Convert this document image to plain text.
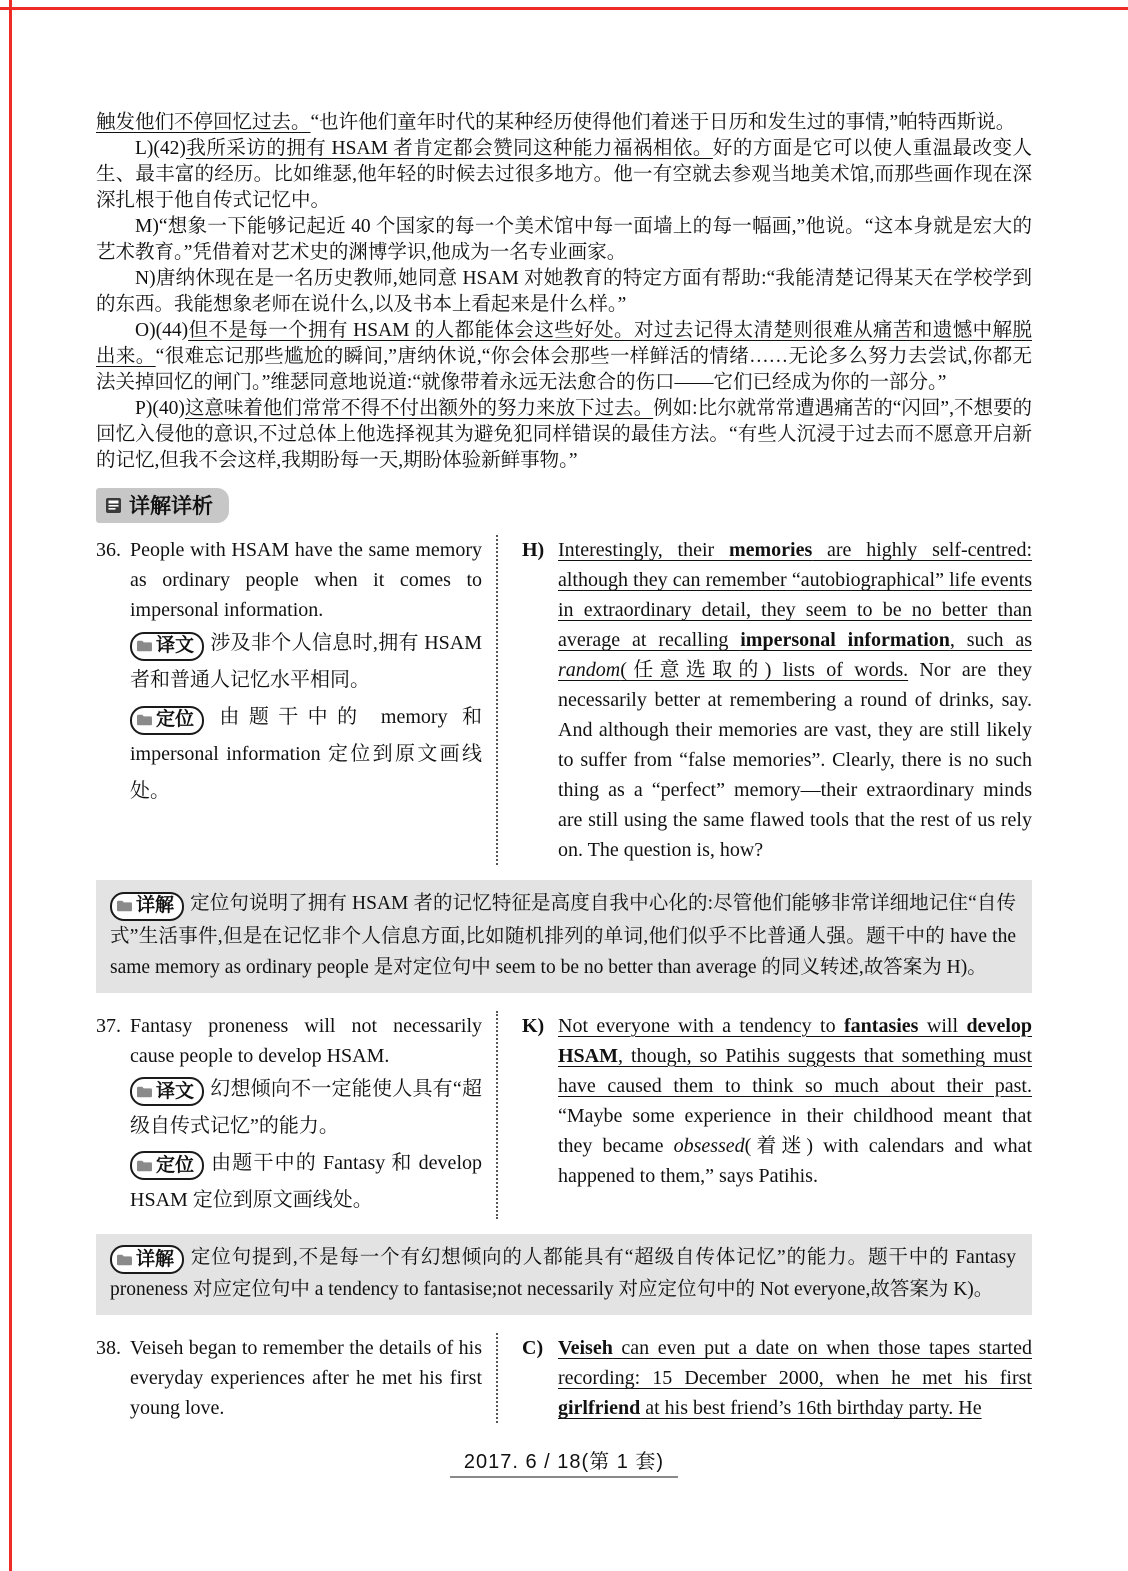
触发他们不停回忆过去。“也许他们童年时代的某种经历使得他们着迷于日历和发生过的事情,”帕特西斯说。

L)(42)我所采访的拥有 HSAM 者肯定都会赞同这种能力福祸相依。好的方面是它可以使人重温最改变人生、最丰富的经历。比如维瑟,他年轻的时候去过很多地方。他一有空就去参观当地美术馆,而那些画作现在深深扎根于他自传式记忆中。

M)“想象一下能够记起近 40 个国家的每一个美术馆中每一面墙上的每一幅画,”他说。“这本身就是宏大的艺术教育。”凭借着对艺术史的渊博学识,他成为一名专业画家。

N)唐纳休现在是一名历史教师,她同意 HSAM 对她教育的特定方面有帮助:“我能清楚记得某天在学校学到的东西。我能想象老师在说什么,以及书本上看起来是什么样。”

O)(44)但不是每一个拥有 HSAM 的人都能体会这些好处。对过去记得太清楚则很难从痛苦和遗憾中解脱出来。“很难忘记那些尴尬的瞬间,”唐纳休说,“你会体会那些一样鲜活的情绪……无论多么努力去尝试,你都无法关掉回忆的闸门。”维瑟同意地说道:“就像带着永远无法愈合的伤口——它们已经成为你的一部分。”

P)(40)这意味着他们常常不得不付出额外的努力来放下过去。例如:比尔就常常遭遇痛苦的“闪回”,不想要的回忆入侵他的意识,不过总体上他选择视其为避免犯同样错误的最佳方法。“有些人沉浸于过去而不愿意开启新的记忆,但我不会这样,我期盼每一天,期盼体验新鲜事物。”

详解详析
36. People with HSAM have the same memory as ordinary people when it comes to impersonal information.

译文 涉及非个人信息时,拥有 HSAM 者和普通人记忆水平相同。

定位 由题干中的 memory 和 impersonal information 定位到原文画线处。

H) Interestingly, their memories are highly self-centred: although they can remember “autobiographical” life events in extraordinary detail, they seem to be no better than average at recalling impersonal information, such as random(任意选取的) lists of words. Nor are they necessarily better at remembering a round of drinks, say. And although their memories are vast, they are still likely to suffer from “false memories”. Clearly, there is no such thing as a “perfect” memory—their extraordinary minds are still using the same flawed tools that the rest of us rely on. The question is, how?

详解 定位句说明了拥有 HSAM 者的记忆特征是高度自我中心化的:尽管他们能够非常详细地记住“自传式”生活事件,但是在记忆非个人信息方面,比如随机排列的单词,他们似乎不比普通人强。题干中的 have the same memory as ordinary people 是对定位句中 seem to be no better than average 的同义转述,故答案为 H)。
37. Fantasy proneness will not necessarily cause people to develop HSAM.

译文 幻想倾向不一定能使人具有“超级自传式记忆”的能力。

定位 由题干中的 Fantasy 和 develop HSAM 定位到原文画线处。

K) Not everyone with a tendency to fantasies will develop HSAM, though, so Patihis suggests that something must have caused them to think so much about their past. “Maybe some experience in their childhood meant that they became obsessed(着迷) with calendars and what happened to them,” says Patihis.

详解 定位句提到,不是每一个有幻想倾向的人都能具有“超级自传体记忆”的能力。题干中的 Fantasy proneness 对应定位句中 a tendency to fantasise;not necessarily 对应定位句中的 Not everyone,故答案为 K)。
38. Veiseh began to remember the details of his everyday experiences after he met his first young love.

C) Veiseh can even put a date on when those tapes started recording: 15 December 2000, when he met his first girlfriend at his best friend’s 16th birthday party. He

2017. 6 / 18(第 1 套)
